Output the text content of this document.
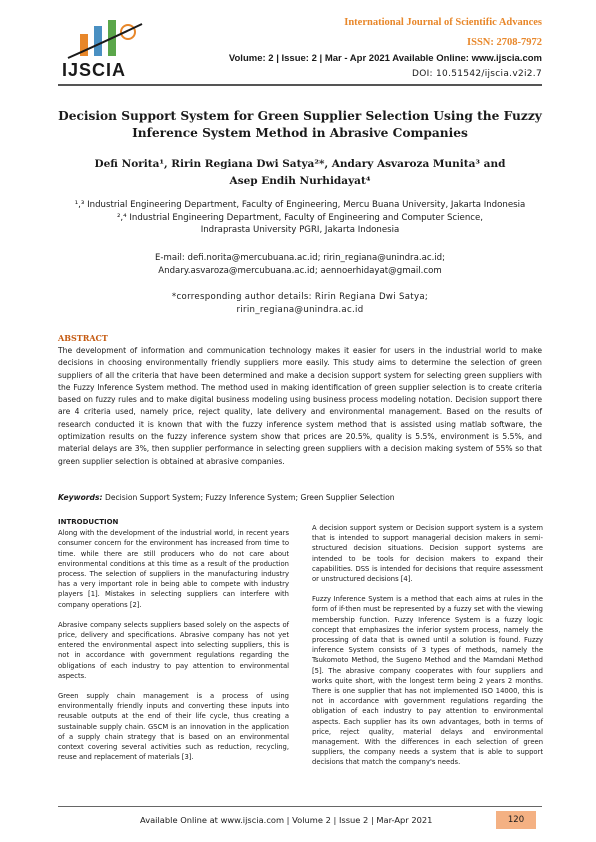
IJSCIA
International Journal of Scientific Advances
ISSN: 2708-7972
Volume: 2 | Issue: 2 | Mar - Apr 2021 Available Online: www.ijscia.com
DOI: 10.51542/ijscia.v2i2.7
Decision Support System for Green Supplier Selection Using the Fuzzy
Inference System Method in Abrasive Companies
Defi Norita¹, Ririn Regiana Dwi Satya²*, Andary Asvaroza Munita³ and
Asep Endih Nurhidayat⁴
¹,³ Industrial Engineering Department, Faculty of Engineering, Mercu Buana University, Jakarta Indonesia
²,⁴ Industrial Engineering Department, Faculty of Engineering and Computer Science,
Indraprasta University PGRI, Jakarta Indonesia
E-mail: defi.norita@mercubuana.ac.id; ririn_regiana@unindra.ac.id;
Andary.asvaroza@mercubuana.ac.id; aennoerhidayat@gmail.com
*corresponding author details: Ririn Regiana Dwi Satya;
ririn_regiana@unindra.ac.id
ABSTRACT
The development of information and communication technology makes it easier for users in the industrial world to make decisions in choosing environmentally friendly suppliers more easily. This study aims to determine the selection of green suppliers of all the criteria that have been determined and make a decision support system for selecting green suppliers with the Fuzzy Inference System method. The method used in making identification of green supplier selection is to create criteria based on fuzzy rules and to make digital business modeling using business process modeling notation. Decision support there are 4 criteria used, namely price, reject quality, late delivery and environmental management. Based on the results of research conducted it is known that with the fuzzy inference system method that is assisted using matlab software, the optimization results on the fuzzy inference system show that prices are 20.5%, quality is 5.5%, environment is 5.5%, and material delays are 3%, then supplier performance in selecting green suppliers with a decision making system of 55% so that green supplier selection is obtained at abrasive companies.
Keywords: Decision Support System; Fuzzy Inference System; Green Supplier Selection
INTRODUCTION

Along with the development of the industrial world, in recent years consumer concern for the environment has increased from time to time. while there are still producers who do not care about environmental conditions at this time as a result of the production process. The selection of suppliers in the manufacturing industry has a very important role in being able to compete with industry players [1]. Mistakes in selecting suppliers can interfere with company operations [2].

Abrasive company selects suppliers based solely on the aspects of price, delivery and specifications. Abrasive company has not yet entered the environmental aspect into selecting suppliers, this is not in accordance with government regulations regarding the obligations of each industry to pay attention to environmental aspects.

Green supply chain management is a process of using environmentally friendly inputs and converting these inputs into reusable outputs at the end of their life cycle, thus creating a sustainable supply chain. GSCM is an innovation in the application of a supply chain strategy that is based on an environmental context covering several activities such as reduction, recycling, reuse and replacement of materials [3].

A decision support system or Decision support system is a system that is intended to support managerial decision makers in semi-structured decision situations. Decision support systems are intended to be tools for decision makers to expand their capabilities. DSS is intended for decisions that require assessment or unstructured decisions [4].

Fuzzy Inference System is a method that each aims at rules in the form of if-then must be represented by a fuzzy set with the viewing membership function. Fuzzy Inference System is a fuzzy logic concept that emphasizes the inferior system process, namely the processing of data that is owned until a solution is found. Fuzzy inference System consists of 3 types of methods, namely the Tsukomoto Method, the Sugeno Method and the Mamdani Method [5]. The abrasive company cooperates with four suppliers and works quite short, with the longest term being 2 years 2 months. There is one supplier that has not implemented ISO 14000, this is not in accordance with government regulations regarding the obligation of each industry to pay attention to environmental aspects. Each supplier has its own advantages, both in terms of price, reject quality, material delays and environmental management. With the differences in each selection of green suppliers, the company needs a system that is able to support decisions that match the company's needs.

Available Online at www.ijscia.com | Volume 2 | Issue 2 | Mar-Apr 2021	120
